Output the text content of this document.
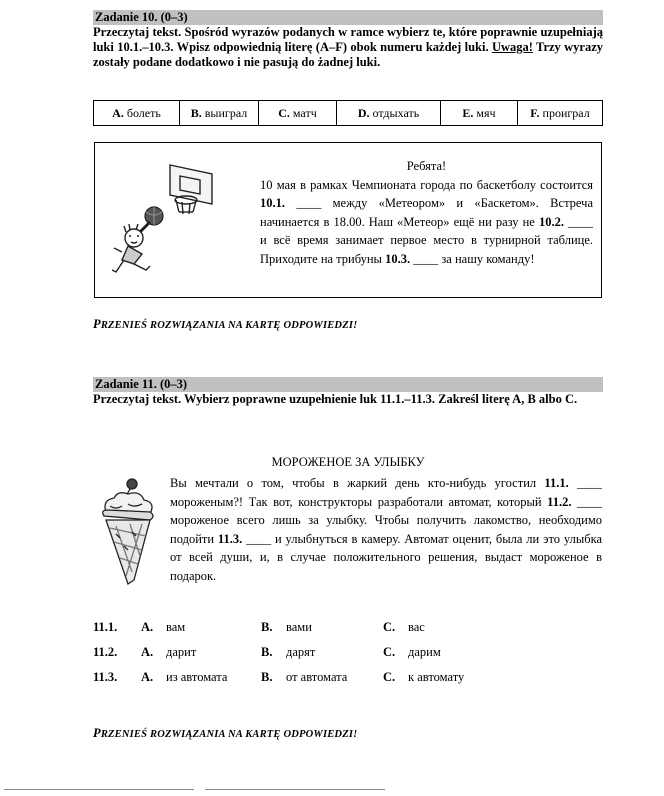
Zadanie 10. (0–3)
Przeczytaj tekst. Spośród wyrazów podanych w ramce wybierz te, które poprawnie uzupełniają luki 10.1.–10.3. Wpisz odpowiednią literę (A–F) obok numeru każdej luki. Uwaga! Trzy wyrazy zostały podane dodatkowo i nie pasują do żadnej luki.
A. болеть	B. выиграл	C. матч	D. отдыхать	E. мяч	F. проиграл
Ребята!
10 мая в рамках Чемпионата города по баскетболу состоится 10.1. ____ между «Метеором» и «Баскетом». Встреча начинается в 18.00. Наш «Метеор» ещё ни разу не 10.2. ____ и всё время занимает первое место в турнирной таблице. Приходите на трибуны 10.3. ____ за нашу команду!
PRZENIEŚ ROZWIĄZANIA NA KARTĘ ODPOWIEDZI!
Zadanie 11. (0–3)
Przeczytaj tekst. Wybierz poprawne uzupełnienie luk 11.1.–11.3. Zakreśl literę A, B albo C.
МОРОЖЕНОЕ ЗА УЛЫБКУ
Вы мечтали о том, чтобы в жаркий день кто-нибудь угостил 11.1. ____ мороженым?! Так вот, конструкторы разработали автомат, который 11.2. ____ мороженое всего лишь за улыбку. Чтобы получить лакомство, необходимо подойти 11.3. ____ и улыбнуться в камеру. Автомат оценит, была ли это улыбка от всей души, и, в случае положительного решения, выдаст мороженое в подарок.
11.1. A. вам	B. вами	C. вас
11.2. A. дарит	B. дарят	C. дарим
11.3. A. из автомата	B. от автомата	C. к автомату
PRZENIEŚ ROZWIĄZANIA NA KARTĘ ODPOWIEDZI!
